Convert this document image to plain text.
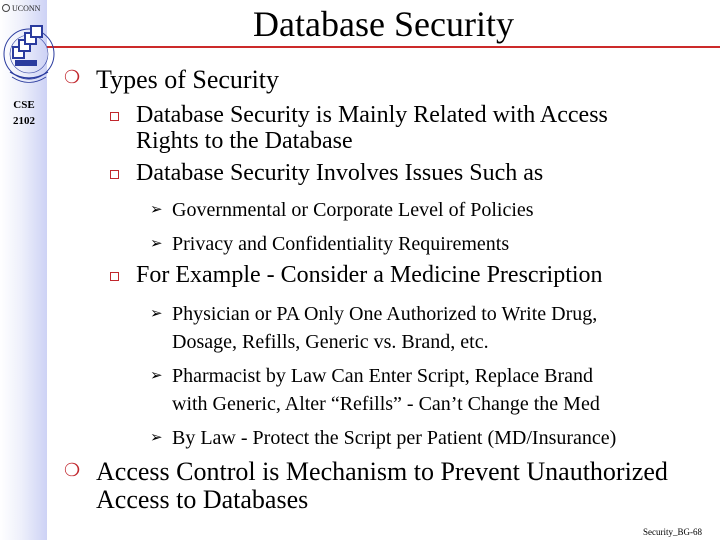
UCONN
CSE
2102
Database Security
❍ Types of Security
Database Security is Mainly Related with Access
Rights to the Database
Database Security Involves Issues Such as
➢ Governmental or Corporate Level of Policies
➢ Privacy and Confidentiality Requirements
For Example - Consider a Medicine Prescription
➢ Physician or PA Only One Authorized to Write Drug,
Dosage, Refills, Generic vs. Brand, etc.
➢ Pharmacist by Law Can Enter Script, Replace Brand
with Generic, Alter “Refills” - Can’t Change the Med
➢ By Law - Protect the Script per Patient (MD/Insurance)
❍ Access Control is Mechanism to Prevent Unauthorized
Access to Databases
Security_BG-68
